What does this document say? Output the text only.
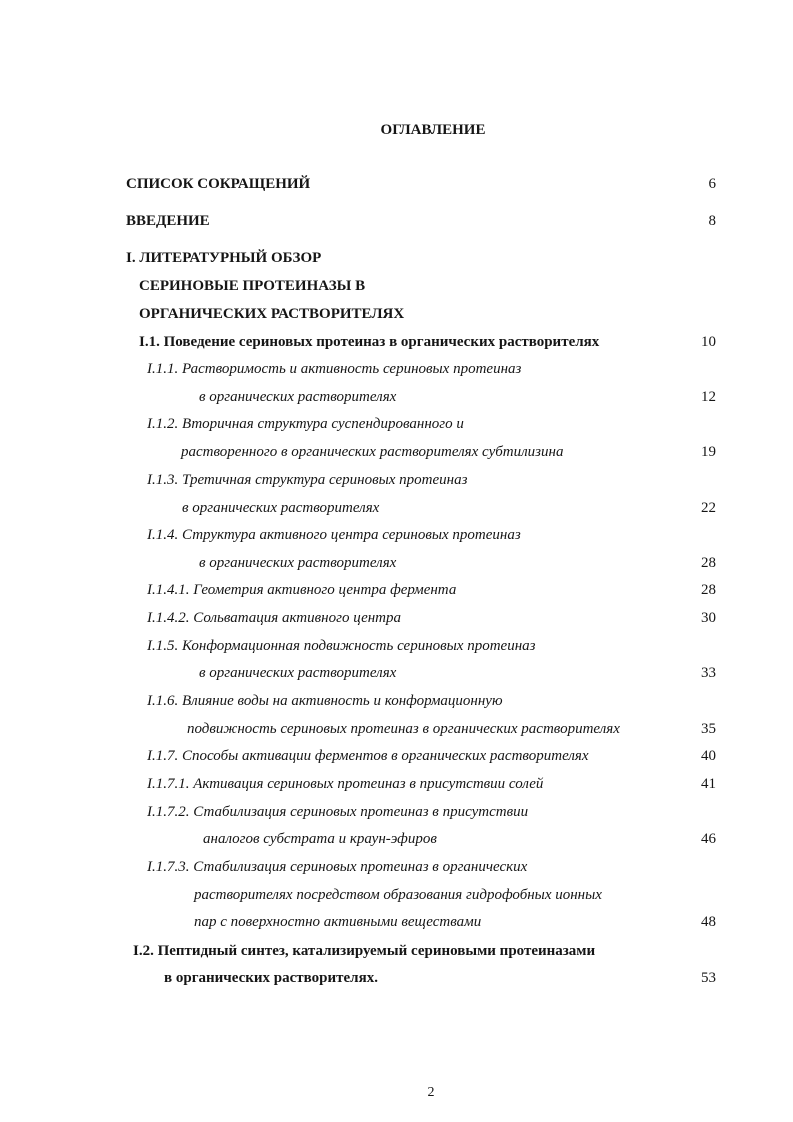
ОГЛАВЛЕНИЕ
СПИСОК СОКРАЩЕНИЙ	6
ВВЕДЕНИЕ	8
I. ЛИТЕРАТУРНЫЙ ОБЗОР
СЕРИНОВЫЕ ПРОТЕИНАЗЫ В
ОРГАНИЧЕСКИХ РАСТВОРИТЕЛЯХ
I.1. Поведение сериновых протеиназ в органических растворителях	10
I.1.1. Растворимость и активность сериновых протеиназ
в органических растворителях	12
I.1.2. Вторичная структура суспендированного и
растворенного в органических растворителях субтилизина	19
I.1.3. Третичная структура сериновых протеиназ
в органических растворителях	22
I.1.4. Структура активного центра сериновых протеиназ
в органических растворителях	28
I.1.4.1. Геометрия активного центра фермента	28
I.1.4.2. Сольватация активного центра	30
I.1.5. Конформационная подвижность сериновых протеиназ
в органических растворителях	33
I.1.6. Влияние воды на активность и конформационную
подвижность сериновых протеиназ в органических растворителях	35
I.1.7. Способы активации ферментов в органических растворителях	40
I.1.7.1. Активация сериновых протеиназ в присутствии солей	41
I.1.7.2. Стабилизация сериновых протеиназ в присутствии
аналогов субстрата и краун-эфиров	46
I.1.7.3. Стабилизация сериновых протеиназ в органических
растворителях посредством образования гидрофобных ионных
пар с поверхностно активными веществами	48
I.2. Пептидный синтез, катализируемый сериновыми протеиназами
в органических растворителях.	53
2
